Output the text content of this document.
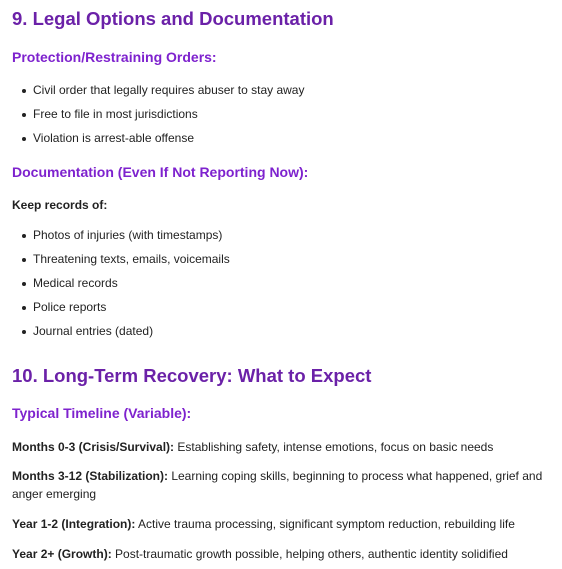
9. Legal Options and Documentation
Protection/Restraining Orders:
Civil order that legally requires abuser to stay away
Free to file in most jurisdictions
Violation is arrest-able offense
Documentation (Even If Not Reporting Now):

Keep records of:

Photos of injuries (with timestamps)
Threatening texts, emails, voicemails
Medical records
Police reports
Journal entries (dated)
10. Long-Term Recovery: What to Expect
Typical Timeline (Variable):

Months 0-3 (Crisis/Survival): Establishing safety, intense emotions, focus on basic needs

Months 3-12 (Stabilization): Learning coping skills, beginning to process what happened, grief and anger emerging

Year 1-2 (Integration): Active trauma processing, significant symptom reduction, rebuilding life

Year 2+ (Growth): Post-traumatic growth possible, helping others, authentic identity solidified
